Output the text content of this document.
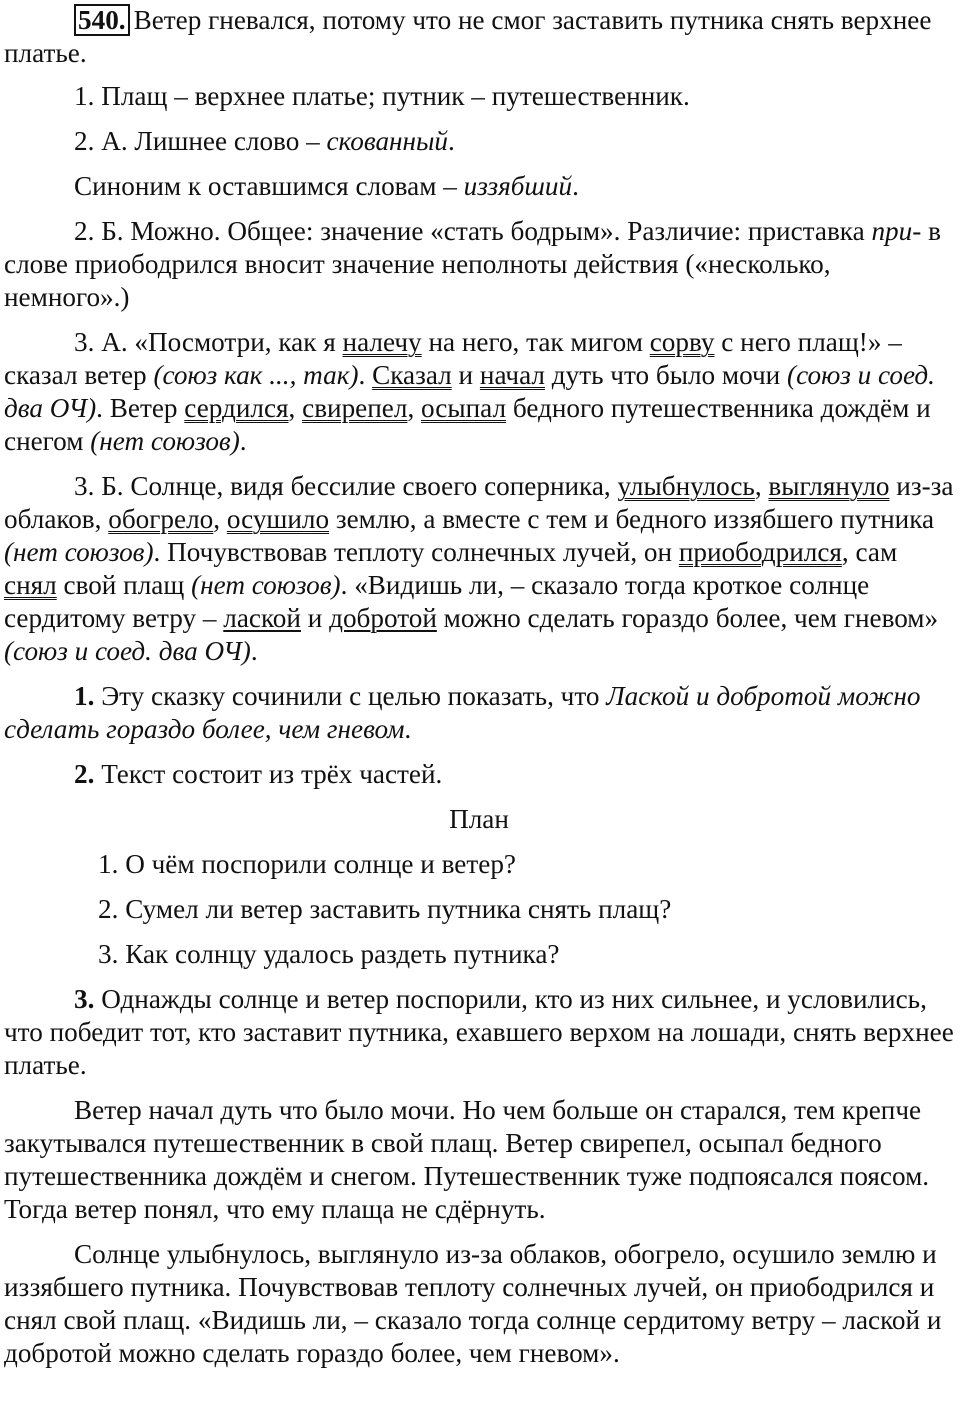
540. Ветер гневался, потому что не смог заставить путника снять верхнее платье.

1. Плащ – верхнее платье; путник – путешественник.

2. А. Лишнее слово – скованный.

Синоним к оставшимся словам – иззябший.

2. Б. Можно. Общее: значение «стать бодрым». Различие: приставка при- в слове приободрился вносит значение неполноты действия («несколько, немного».)

3. А. «Посмотри, как я налечу на него, так мигом сорву с него плащ!» – сказал ветер (союз как ..., так). Сказал и начал дуть что было мочи (союз и соед. два ОЧ). Ветер сердился, свирепел, осыпал бедного путешественника дождём и снегом (нет союзов).

3. Б. Солнце, видя бессилие своего соперника, улыбнулось, выглянуло из-за облаков, обогрело, осушило землю, а вместе с тем и бедного иззябшего путника (нет союзов). Почувствовав теплоту солнечных лучей, он приободрился, сам снял свой плащ (нет союзов). «Видишь ли, – сказало тогда кроткое солнце сердитому ветру – лаской и добротой можно сделать гораздо более, чем гневом» (союз и соед. два ОЧ).

1. Эту сказку сочинили с целью показать, что Лаской и добротой можно сделать гораздо более, чем гневом.

2. Текст состоит из трёх частей.

План

1. О чём поспорили солнце и ветер?

2. Сумел ли ветер заставить путника снять плащ?

3. Как солнцу удалось раздеть путника?

3. Однажды солнце и ветер поспорили, кто из них сильнее, и условились, что победит тот, кто заставит путника, ехавшего верхом на лошади, снять верхнее платье.

Ветер начал дуть что было мочи. Но чем больше он старался, тем крепче закутывался путешественник в свой плащ. Ветер свирепел, осыпал бедного путешественника дождём и снегом. Путешественник туже подпоясался поясом. Тогда ветер понял, что ему плаща не сдёрнуть.

Солнце улыбнулось, выглянуло из-за облаков, обогрело, осушило землю и иззябшего путника. Почувствовав теплоту солнечных лучей, он приободрился и снял свой плащ. «Видишь ли, – сказало тогда солнце сердитому ветру – лаской и добротой можно сделать гораздо более, чем гневом».
